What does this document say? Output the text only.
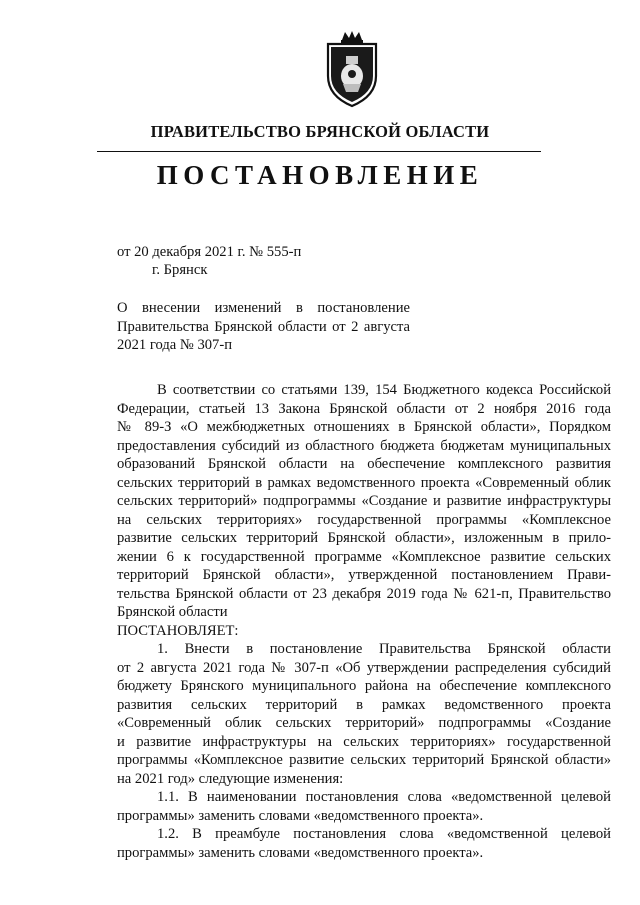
ПРАВИТЕЛЬСТВО БРЯНСКОЙ ОБЛАСТИ
ПОСТАНОВЛЕНИЕ
от 20 декабря 2021 г. № 555-п
г. Брянск
О внесении изменений в постановление
Правительства Брянской области от 2 августа
2021 года № 307-п
В соответствии со статьями 139, 154 Бюджетного кодекса Российской
Федерации, статьей 13 Закона Брянской области от 2 ноября 2016 года
№ 89-З «О межбюджетных отношениях в Брянской области», Порядком
предоставления субсидий из областного бюджета бюджетам муниципальных
образований Брянской области на обеспечение комплексного развития
сельских территорий в рамках ведомственного проекта «Современный облик
сельских территорий» подпрограммы «Создание и развитие инфраструктуры
на сельских территориях» государственной программы «Комплексное
развитие сельских территорий Брянской области», изложенным в прило-
жении 6 к государственной программе «Комплексное развитие сельских
территорий Брянской области», утвержденной постановлением Прави-
тельства Брянской области от 23 декабря 2019 года № 621-п, Правительство
Брянской области
ПОСТАНОВЛЯЕТ:
1. Внести в постановление Правительства Брянской области
от 2 августа 2021 года № 307-п «Об утверждении распределения субсидий
бюджету Брянского муниципального района на обеспечение комплексного
развития сельских территорий в рамках ведомственного проекта
«Современный облик сельских территорий» подпрограммы «Создание
и развитие инфраструктуры на сельских территориях» государственной
программы «Комплексное развитие сельских территорий Брянской области»
на 2021 год» следующие изменения:
1.1. В наименовании постановления слова «ведомственной целевой
программы» заменить словами «ведомственного проекта».
1.2. В преамбуле постановления слова «ведомственной целевой
программы» заменить словами «ведомственного проекта».
